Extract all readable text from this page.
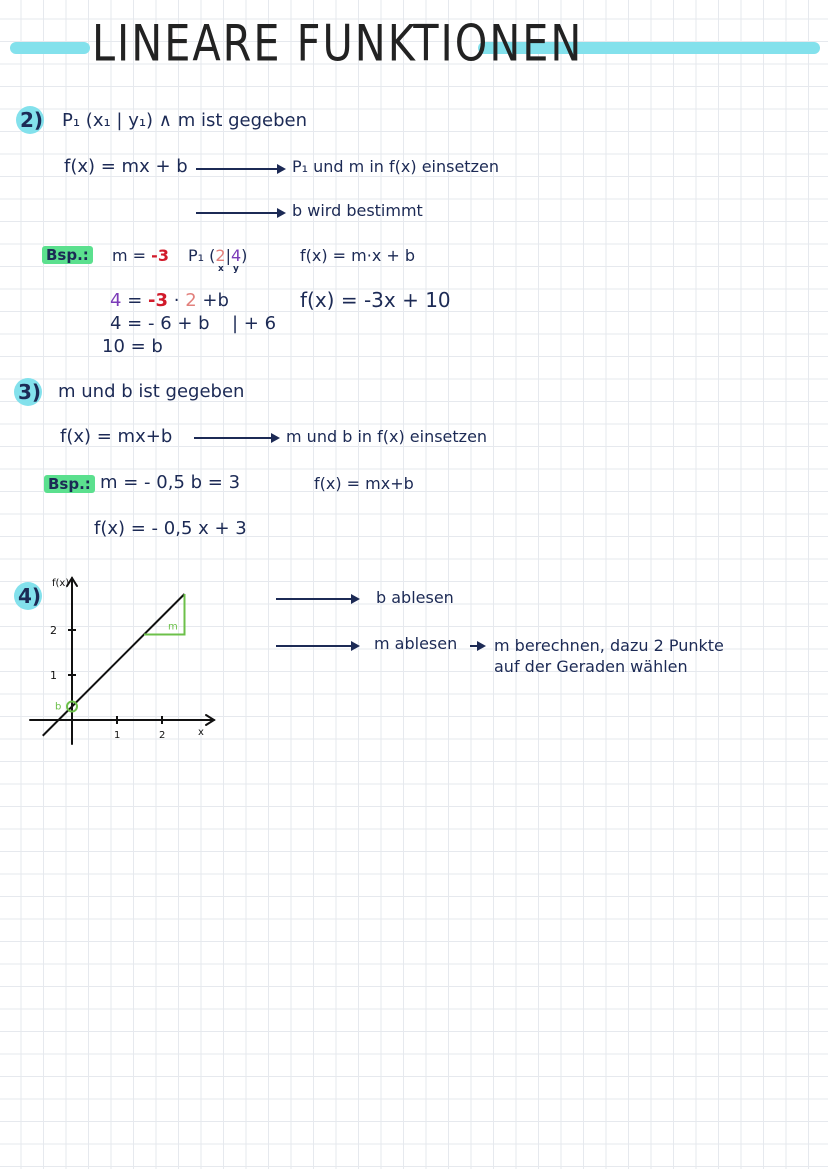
LINEARE FUNKTIONEN
2) P₁ (x₁ | y₁) ∧ m ist gegeben
f(x) = mx + b	P₁ und m in f(x) einsetzen
b wird bestimmt
Bsp.: m = -3 P₁ (2|4)
x y
f(x) = m·x + b
4 = -3 · 2 +b	f(x) = -3x + 10
4 = - 6 + b | + 6
10 = b
3) m und b ist gegeben
f(x) = mx+b	m und b in f(x) einsetzen
Bsp.: m = - 0,5 b = 3	f(x) = mx+b
f(x) = - 0,5 x + 3
4)
1	2
1
2	m
b
f(x)
x
b ablesen
m ablesen m berechnen, dazu 2 Punkte
auf der Geraden wählen
